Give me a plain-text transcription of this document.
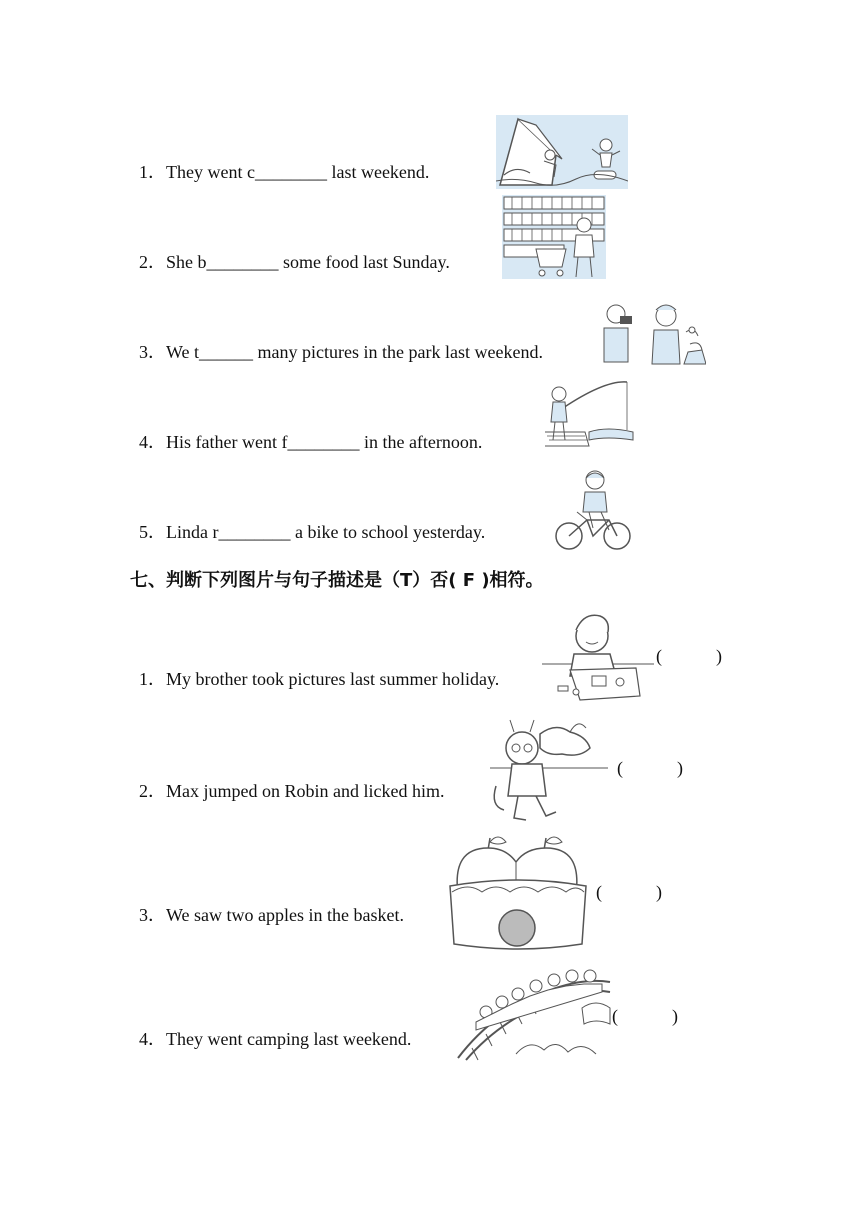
1．They went c________ last weekend.

2．She b________ some food last Sunday.

3．We t______ many pictures in the park last weekend.

4．His father went f________ in the afternoon.

5．Linda r________ a bike to school yesterday.

七、判断下列图片与句子描述是（T）否( F )相符。

1．My brother took pictures last summer holiday.

(            )

2．Max jumped on Robin and licked him.

(            )

3．We saw two apples in the basket.

(            )

4．They went camping last weekend.

(            )
